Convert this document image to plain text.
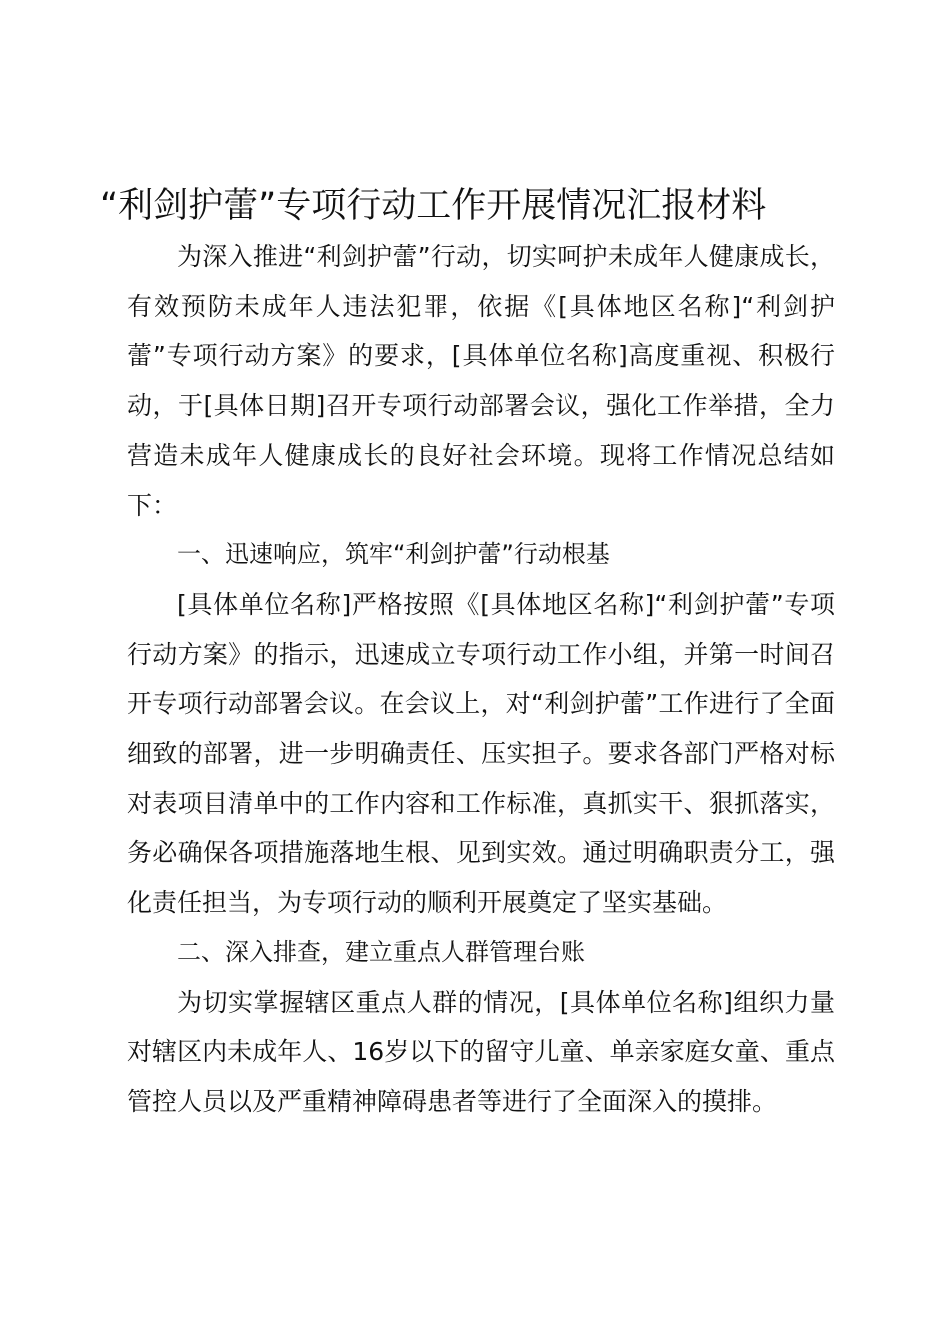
“利剑护蕾”专项行动工作开展情况汇报材料

为深入推进“利剑护蕾”行动，切实呵护未成年人健康成长，有效预防未成年人违法犯罪，依据《[具体地区名称]“利剑护蕾”专项行动方案》的要求，[具体单位名称]高度重视、积极行动，于[具体日期]召开专项行动部署会议，强化工作举措，全力营造未成年人健康成长的良好社会环境。现将工作情况总结如下：

一、迅速响应，筑牢“利剑护蕾”行动根基

[具体单位名称]严格按照《[具体地区名称]“利剑护蕾”专项行动方案》的指示，迅速成立专项行动工作小组，并第一时间召开专项行动部署会议。在会议上，对“利剑护蕾”工作进行了全面细致的部署，进一步明确责任、压实担子。要求各部门严格对标对表项目清单中的工作内容和工作标准，真抓实干、狠抓落实，务必确保各项措施落地生根、见到实效。通过明确职责分工，强化责任担当，为专项行动的顺利开展奠定了坚实基础。

二、深入排查，建立重点人群管理台账

为切实掌握辖区重点人群的情况，[具体单位名称]组织力量对辖区内未成年人、16岁以下的留守儿童、单亲家庭女童、重点管控人员以及严重精神障碍患者等进行了全面深入的摸排。
